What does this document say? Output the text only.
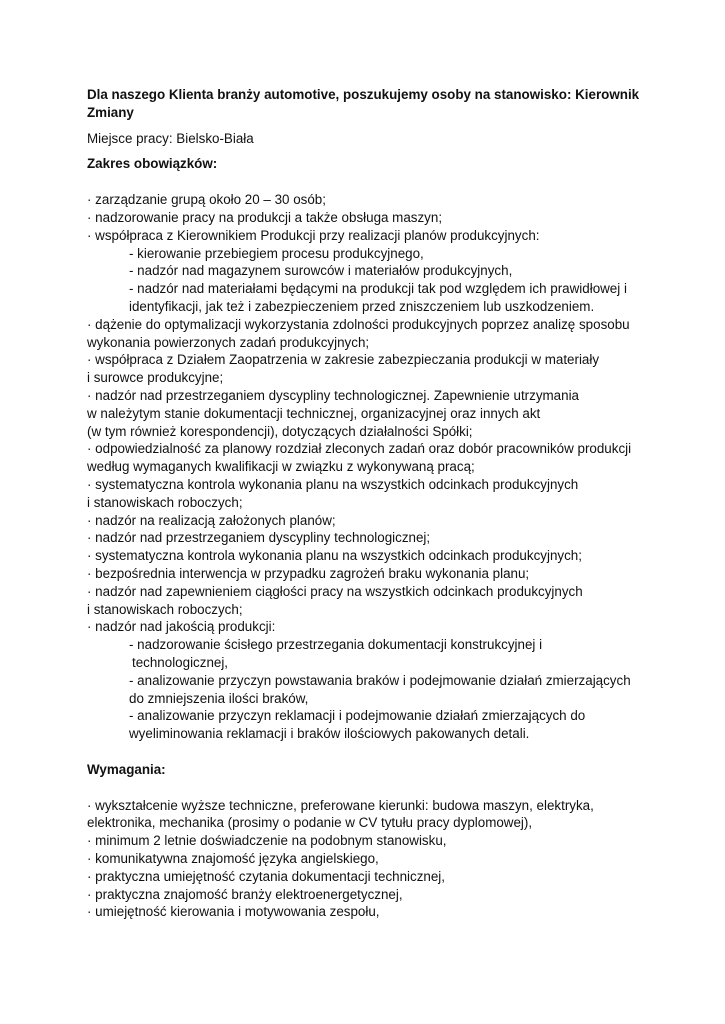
Dla naszego Klienta branży automotive, poszukujemy osoby na stanowisko: Kierownik
Zmiany
Miejsce pracy: Bielsko-Biała
Zakres obowiązków:
· zarządzanie grupą około 20 – 30 osób;
· nadzorowanie pracy na produkcji a także obsługa maszyn;
· współpraca z Kierownikiem Produkcji przy realizacji planów produkcyjnych:
- kierowanie przebiegiem procesu produkcyjnego,
- nadzór nad magazynem surowców i materiałów produkcyjnych,
- nadzór nad materiałami będącymi na produkcji tak pod względem ich prawidłowej i
identyfikacji, jak też i zabezpieczeniem przed zniszczeniem lub uszkodzeniem.
· dążenie do optymalizacji wykorzystania zdolności produkcyjnych poprzez analizę sposobu
wykonania powierzonych zadań produkcyjnych;
· współpraca z Działem Zaopatrzenia w zakresie zabezpieczania produkcji w materiały
i surowce produkcyjne;
· nadzór nad przestrzeganiem dyscypliny technologicznej. Zapewnienie utrzymania
w należytym stanie dokumentacji technicznej, organizacyjnej oraz innych akt
(w tym również korespondencji), dotyczących działalności Spółki;
· odpowiedzialność za planowy rozdział zleconych zadań oraz dobór pracowników produkcji
według wymaganych kwalifikacji w związku z wykonywaną pracą;
· systematyczna kontrola wykonania planu na wszystkich odcinkach produkcyjnych
i stanowiskach roboczych;
· nadzór na realizacją założonych planów;
· nadzór nad przestrzeganiem dyscypliny technologicznej;
· systematyczna kontrola wykonania planu na wszystkich odcinkach produkcyjnych;
· bezpośrednia interwencja w przypadku zagrożeń braku wykonania planu;
· nadzór nad zapewnieniem ciągłości pracy na wszystkich odcinkach produkcyjnych
i stanowiskach roboczych;
· nadzór nad jakością produkcji:
- nadzorowanie ścisłego przestrzegania dokumentacji konstrukcyjnej i
technologicznej,
- analizowanie przyczyn powstawania braków i podejmowanie działań zmierzających
do zmniejszenia ilości braków,
- analizowanie przyczyn reklamacji i podejmowanie działań zmierzających do
wyeliminowania reklamacji i braków ilościowych pakowanych detali.
Wymagania:
· wykształcenie wyższe techniczne, preferowane kierunki: budowa maszyn, elektryka,
elektronika, mechanika (prosimy o podanie w CV tytułu pracy dyplomowej),
· minimum 2 letnie doświadczenie na podobnym stanowisku,
· komunikatywna znajomość języka angielskiego,
· praktyczna umiejętność czytania dokumentacji technicznej,
· praktyczna znajomość branży elektroenergetycznej,
· umiejętność kierowania i motywowania zespołu,
